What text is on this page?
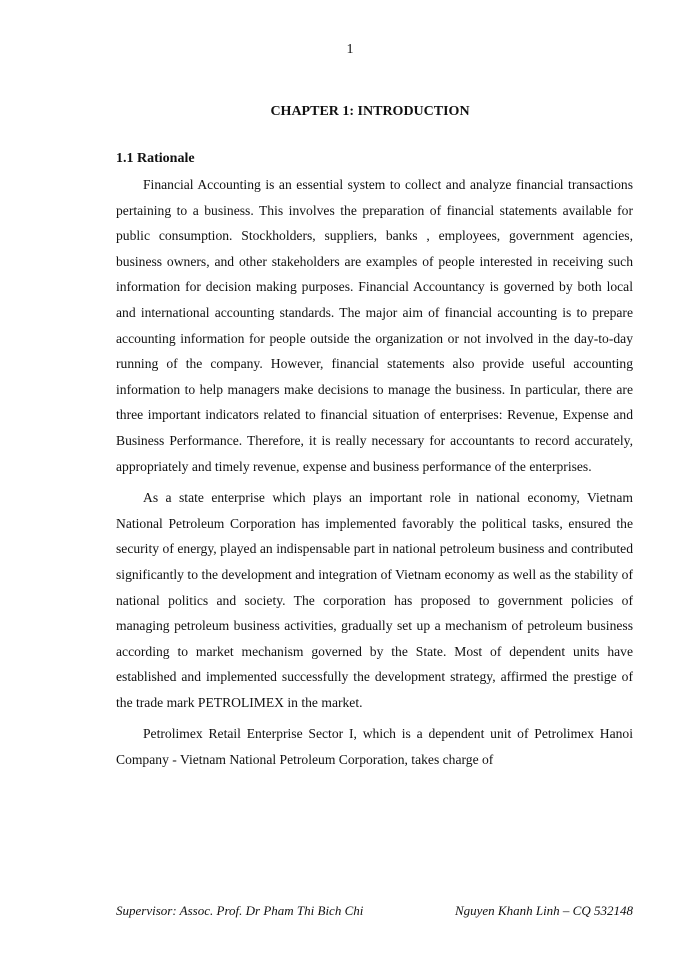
1
CHAPTER 1: INTRODUCTION
1.1 Rationale

Financial Accounting is an essential system to collect and analyze financial transactions pertaining to a business. This involves the preparation of financial statements available for public consumption. Stockholders, suppliers, banks , employees, government agencies, business owners, and other stakeholders are examples of people interested in receiving such information for decision making purposes. Financial Accountancy is governed by both local and international accounting standards. The major aim of financial accounting is to prepare accounting information for people outside the organization or not involved in the day-to-day running of the company. However, financial statements also provide useful accounting information to help managers make decisions to manage the business. In particular, there are three important indicators related to financial situation of enterprises: Revenue, Expense and Business Performance. Therefore, it is really necessary for accountants to record accurately, appropriately and timely revenue, expense and business performance of the enterprises.

As a state enterprise which plays an important role in national economy, Vietnam National Petroleum Corporation has implemented favorably the political tasks, ensured the security of energy, played an indispensable part in national petroleum business and contributed significantly to the development and integration of Vietnam economy as well as the stability of national politics and society. The corporation has proposed to government policies of managing petroleum business activities, gradually set up a mechanism of petroleum business according to market mechanism governed by the State. Most of dependent units have established and implemented successfully the development strategy, affirmed the prestige of the trade mark PETROLIMEX in the market.

Petrolimex Retail Enterprise Sector I, which is a dependent unit of Petrolimex Hanoi Company - Vietnam National Petroleum Corporation, takes charge of

Supervisor: Assoc. Prof. Dr Pham Thi Bich Chi	Nguyen Khanh Linh – CQ 532148
